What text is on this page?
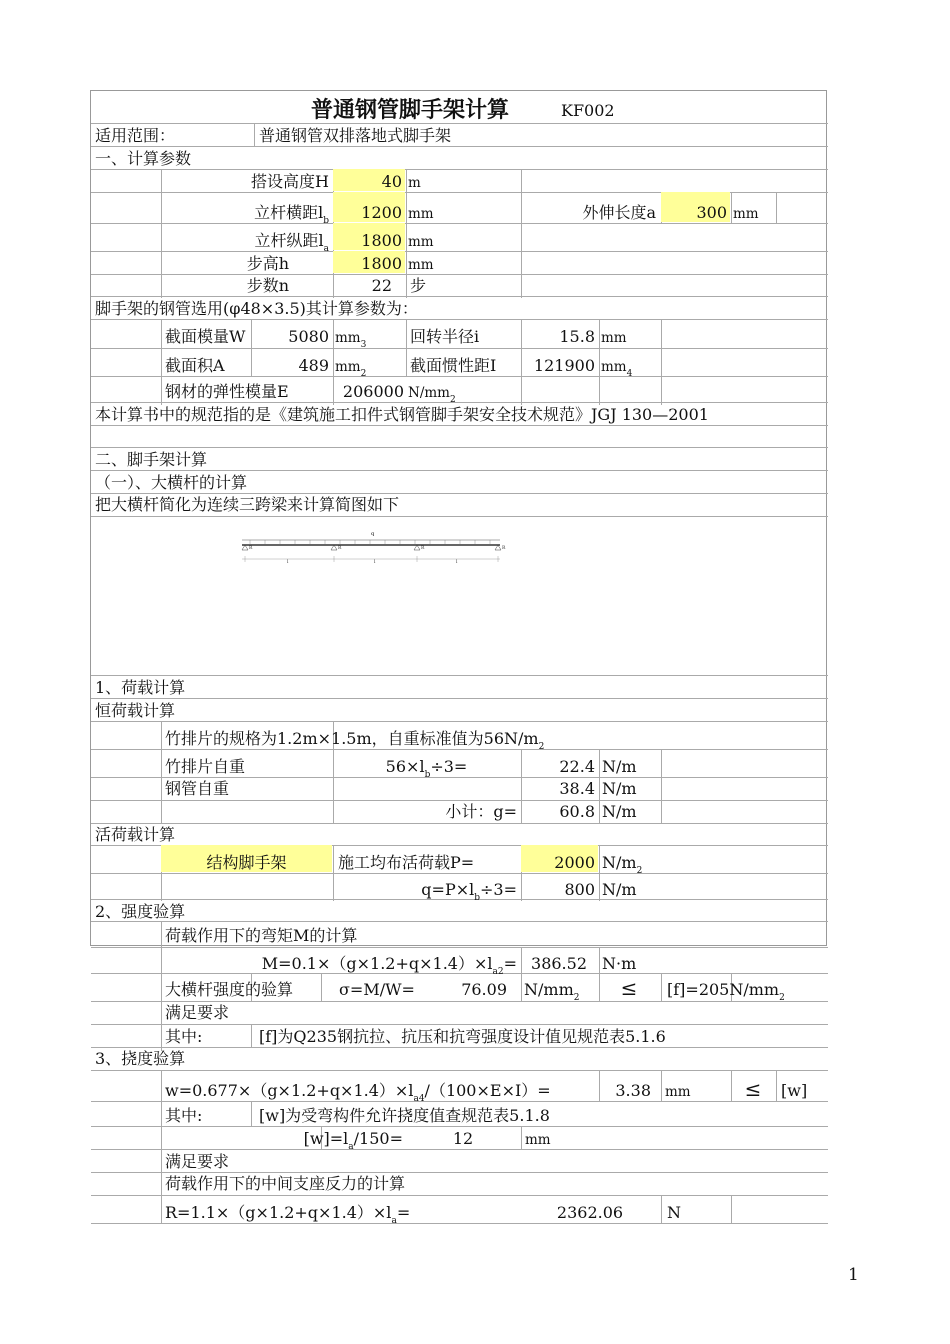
普通钢管脚手架计算	KF002
适用范围：	普通钢管双排落地式脚手架
一、计算参数
搭设高度H	40 m
立杆横距l b	1200 mm	外伸长度a	300 mm
立杆纵距l a	1800 mm
步高h	1800 mm
步数n	22 步
脚手架的钢管选用(φ48×3.5)其计算参数为：
截面模量W	5080 mm 3	回转半径i	15.8 mm
截面积A	489 mm 2	截面惯性距I	121900 mm 4
钢材的弹性模量E	206000 N/mm 2
本计算书中的规范指的是《建筑施工扣件式钢管脚手架安全技术规范》JGJ 130—2001
二、脚手架计算
（一）、大横杆的计算
把大横杆简化为连续三跨梁来计算简图如下
q
R	R	R	R
l	l	l
1、荷载计算
恒荷载计算
竹排片的规格为1.2m×1.5m，自重标准值为56N/m 2
竹排片自重	56×l b ÷3=	22.4 N/m
钢管自重	38.4 N/m
小计：g=	60.8 N/m
活荷载计算
结构脚手架	施工均布活荷载P=	2000 N/m 2
q=P×l b ÷3=	800 N/m
2、强度验算
荷载作用下的弯矩M的计算
M=0.1×（g×1.2+q×1.4）×l a 2 = 386.52 N·m
大横杆强度的验算	σ=M/W=	76.09 N/mm 2	≤	[f]=205N/mm 2
满足要求
其中:	[f]为Q235钢抗拉、抗压和抗弯强度设计值见规范表5.1.6
3、挠度验算
w=0.677×（g×1.2+q×1.4）×l a 4 /（100×E×I）=	3.38 mm	≤	[w]
其中:	[w]为受弯构件允许挠度值查规范表5.1.8
[w]=l a /150=	12	mm
满足要求
荷载作用下的中间支座反力的计算
R=1.1×（g×1.2+q×1.4）×l a =	2362.06	N
1
